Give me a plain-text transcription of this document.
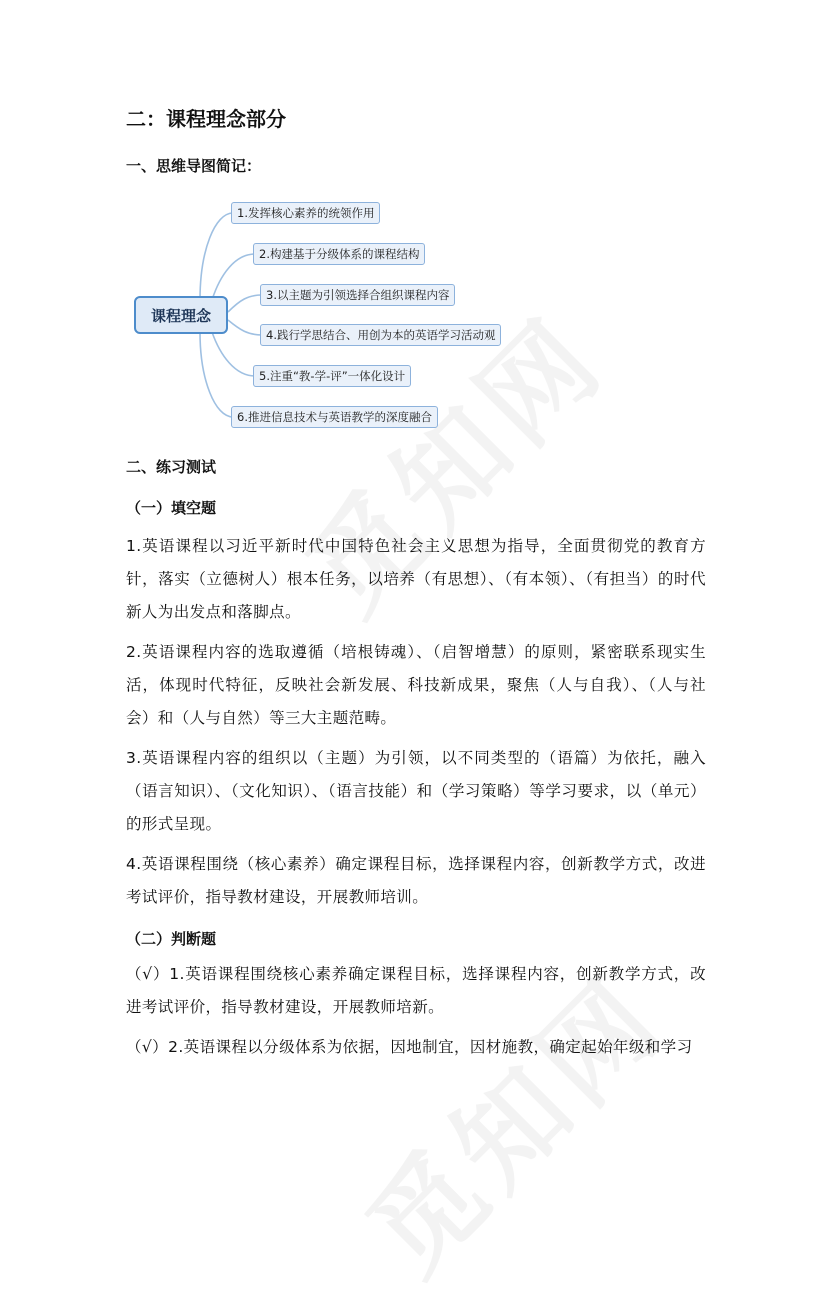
二：课程理念部分
一、思维导图简记：
课程理念
1.发挥核心素养的统领作用
2.构建基于分级体系的课程结构
3.以主题为引领选择合组织课程内容
4.践行学思结合、用创为本的英语学习活动观
5.注重“教-学-评”一体化设计
6.推进信息技术与英语教学的深度融合
二、练习测试
（一）填空题
1.英语课程以习近平新时代中国特色社会主义思想为指导，全面贯彻党的教育方针，落实（立德树人）根本任务，以培养（有思想）、（有本领）、（有担当）的时代新人为出发点和落脚点。
2.英语课程内容的选取遵循（培根铸魂）、（启智增慧）的原则，紧密联系现实生活，体现时代特征，反映社会新发展、科技新成果，聚焦（人与自我）、（人与社会）和（人与自然）等三大主题范畴。
3.英语课程内容的组织以（主题）为引领，以不同类型的（语篇）为依托，融入（语言知识）、（文化知识）、（语言技能）和（学习策略）等学习要求，以（单元）的形式呈现。
4.英语课程围绕（核心素养）确定课程目标，选择课程内容，创新教学方式，改进考试评价，指导教材建设，开展教师培训。
（二）判断题
（√）1.英语课程围绕核心素养确定课程目标，选择课程内容，创新教学方式，改进考试评价，指导教材建设，开展教师培新。
（√）2.英语课程以分级体系为依据，因地制宜，因材施教，确定起始年级和学习
